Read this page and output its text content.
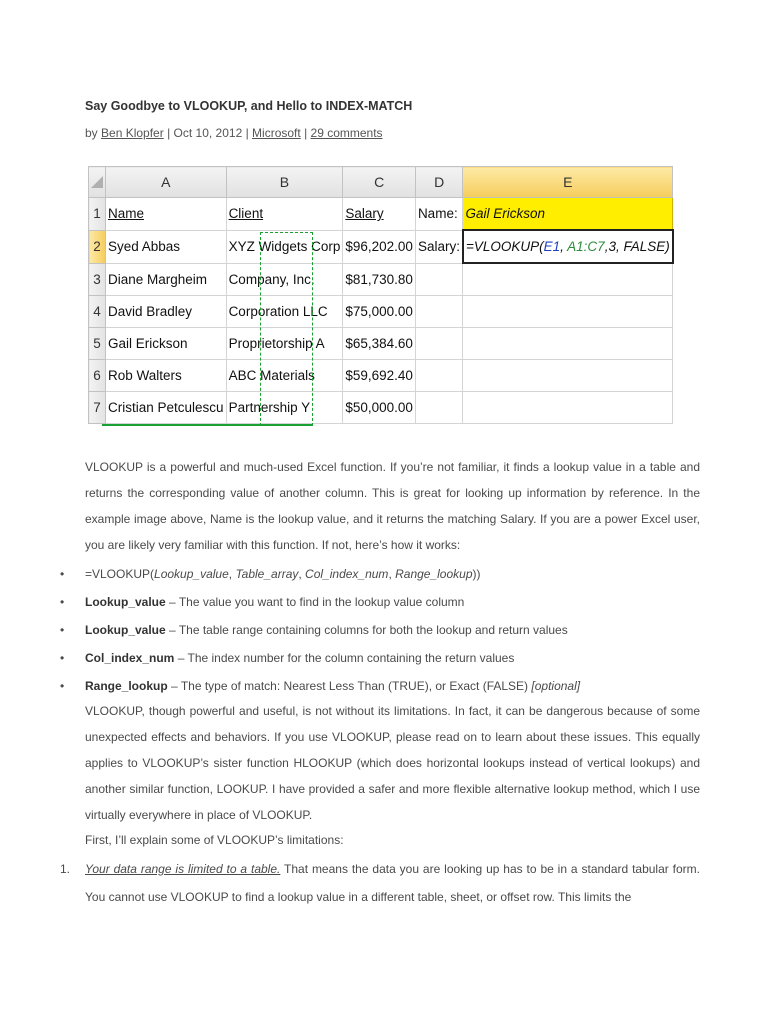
Say Goodbye to VLOOKUP, and Hello to INDEX-MATCH
by Ben Klopfer | Oct 10, 2012 | Microsoft | 29 comments
	A	B	C	D	E
1	Name	Client	Salary	Name:	Gail Erickson
2	Syed Abbas	XYZ Widgets Corp	$96,202.00	Salary:	=VLOOKUP(E1, A1:C7,3, FALSE)
3	Diane Margheim	Company, Inc.	$81,730.80		
4	David Bradley	Corporation LLC	$75,000.00		
5	Gail Erickson	Proprietorship A	$65,384.60		
6	Rob Walters	ABC Materials	$59,692.40		
7	Cristian Petculescu	Partnership Y	$50,000.00		
VLOOKUP is a powerful and much-used Excel function. If you’re not familiar, it finds a lookup value in a table and returns the corresponding value of another column. This is great for looking up information by reference. In the example image above, Name is the lookup value, and it returns the matching Salary. If you are a power Excel user, you are likely very familiar with this function. If not, here’s how it works:
• =VLOOKUP(Lookup_value, Table_array, Col_index_num, Range_lookup))
• Lookup_value – The value you want to find in the lookup value column
• Lookup_value – The table range containing columns for both the lookup and return values
• Col_index_num – The index number for the column containing the return values
• Range_lookup – The type of match: Nearest Less Than (TRUE), or Exact (FALSE) [optional]
VLOOKUP, though powerful and useful, is not without its limitations. In fact, it can be dangerous because of some unexpected effects and behaviors. If you use VLOOKUP, please read on to learn about these issues. This equally applies to VLOOKUP’s sister function HLOOKUP (which does horizontal lookups instead of vertical lookups) and another similar function, LOOKUP. I have provided a safer and more flexible alternative lookup method, which I use virtually everywhere in place of VLOOKUP.
First, I’ll explain some of VLOOKUP’s limitations:
1. Your data range is limited to a table. That means the data you are looking up has to be in a standard tabular form. You cannot use VLOOKUP to find a lookup value in a different table, sheet, or offset row. This limits the
